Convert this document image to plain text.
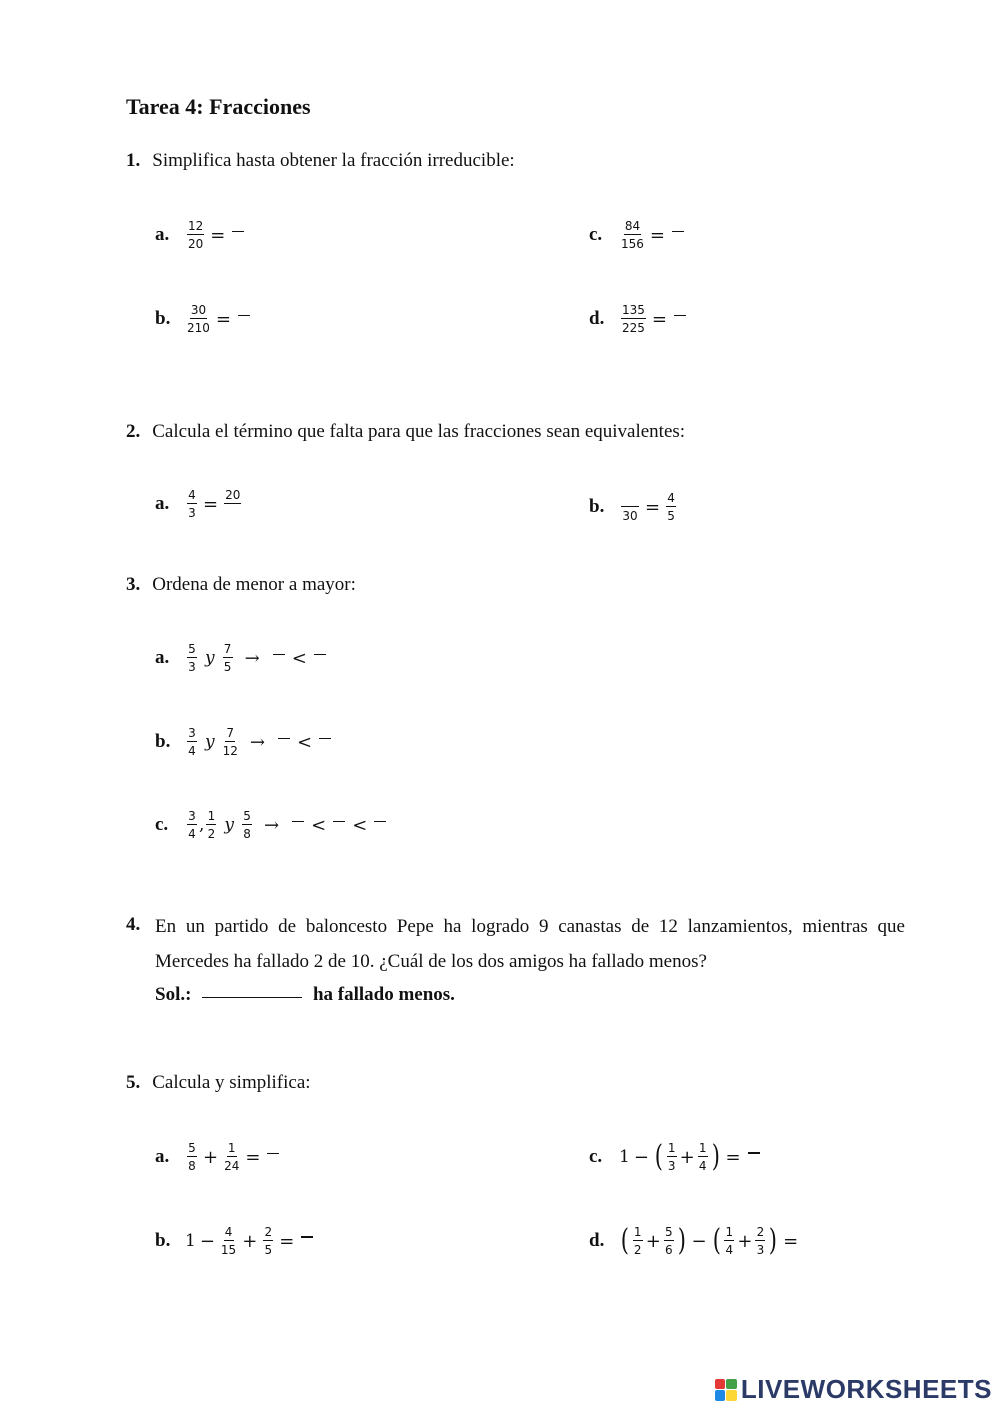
Tarea 4: Fracciones
1. Simplifica hasta obtener la fracción irreducible:
a.	$\frac{12}{20}$ =
b.	$\frac{30}{210}$ =
c.	$\frac{84}{156}$ =
d.	$\frac{135}{225}$ =
2. Calcula el término que falta para que las fracciones sean equivalentes:
a.	$\frac{4}{3} = 20$
b.	$30 = \frac{4}{5}$
3. Ordena de menor a mayor:
a.	$\frac{5}{3}$ y $\frac{7}{5}$ → <
b.	$\frac{3}{4}$ y $\frac{7}{12}$ → <
c.	$\frac{3}{4}$ , $\frac{1}{2}$ y $\frac{5}{8}$ → < <
4. En un partido de baloncesto Pepe ha logrado 9 canastas de 12 lanzamientos, mientras que Mercedes ha fallado 2 de 10. ¿Cuál de los dos amigos ha fallado menos?
Sol.:	ha fallado menos.
5. Calcula y simplifica:
a.	$\frac{5}{8} + \frac{1}{24}$ =
b. $1 - \frac{4}{15} + \frac{2}{5}$ =
c. 1 − ( $\frac{1}{3} + \frac{1}{4}$ ) =
d. ( $\frac{1}{2} + \frac{5}{6}$ ) − ( $\frac{1}{4} + \frac{2}{3}$ ) =
LIVEWORKSHEETS
